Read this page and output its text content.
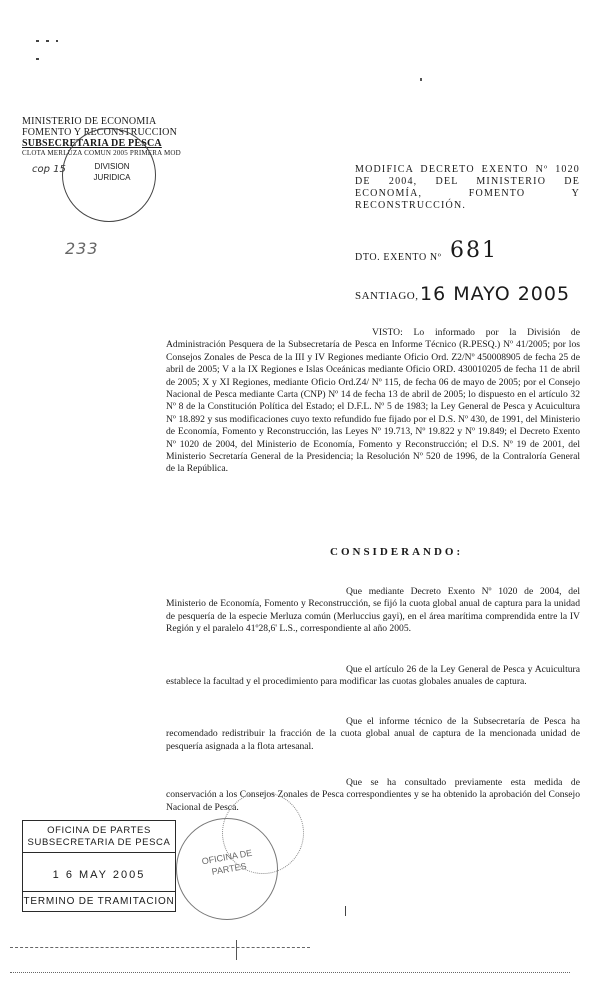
MINISTERIO DE ECONOMIA
FOMENTO Y RECONSTRUCCION
SUBSECRETARIA DE PESCA
CLOTA MERLUZA COMUN 2005 PRIMERA MOD
cop 15	DIVISION JURIDICA
233
MODIFICA DECRETO EXENTO Nº 1020 DE 2004, DEL MINISTERIO DE ECONOMÍA, FOMENTO Y RECONSTRUCCIÓN.
DTO. EXENTO Nº 681
SANTIAGO, 16 MAYO 2005
VISTO: Lo informado por la División de Administración Pesquera de la Subsecretaría de Pesca en Informe Técnico (R.PESQ.) Nº 41/2005; por los Consejos Zonales de Pesca de la III y IV Regiones mediante Oficio Ord. Z2/Nº 450008905 de fecha 25 de abril de 2005; V a la IX Regiones e Islas Oceánicas mediante Oficio ORD. 430010205 de fecha 11 de abril de 2005; X y XI Regiones, mediante Oficio Ord.Z4/ Nº 115, de fecha 06 de mayo de 2005; por el Consejo Nacional de Pesca mediante Carta (CNP) Nº 14 de fecha 13 de abril de 2005; lo dispuesto en el artículo 32 Nº 8 de la Constitución Política del Estado; el D.F.L. Nº 5 de 1983; la Ley General de Pesca y Acuicultura Nº 18.892 y sus modificaciones cuyo texto refundido fue fijado por el D.S. Nº 430, de 1991, del Ministerio de Economía, Fomento y Reconstrucción, las Leyes Nº 19.713, Nº 19.822 y Nº 19.849; el Decreto Exento Nº 1020 de 2004, del Ministerio de Economía, Fomento y Reconstrucción; el D.S. Nº 19 de 2001, del Ministerio Secretaría General de la Presidencia; la Resolución Nº 520 de 1996, de la Contraloría General de la República.
CONSIDERANDO:
Que mediante Decreto Exento Nº 1020 de 2004, del Ministerio de Economía, Fomento y Reconstrucción, se fijó la cuota global anual de captura para la unidad de pesquería de la especie Merluza común (Merluccius gayi), en el área marítima comprendida entre la IV Región y el paralelo 41º28,6' L.S., correspondiente al año 2005.
Que el artículo 26 de la Ley General de Pesca y Acuicultura establece la facultad y el procedimiento para modificar las cuotas globales anuales de captura.
Que el informe técnico de la Subsecretaría de Pesca ha recomendado redistribuir la fracción de la cuota global anual de captura de la mencionada unidad de pesquería asignada a la flota artesanal.
Que se ha consultado previamente esta medida de conservación a los Consejos Zonales de Pesca correspondientes y se ha obtenido la aprobación del Consejo Nacional de Pesca.
OFICINA DE PARTES
SUBSECRETARIA DE PESCA
1 6 MAY 2005
TERMINO DE TRAMITACION
OFICINA DE PARTES
